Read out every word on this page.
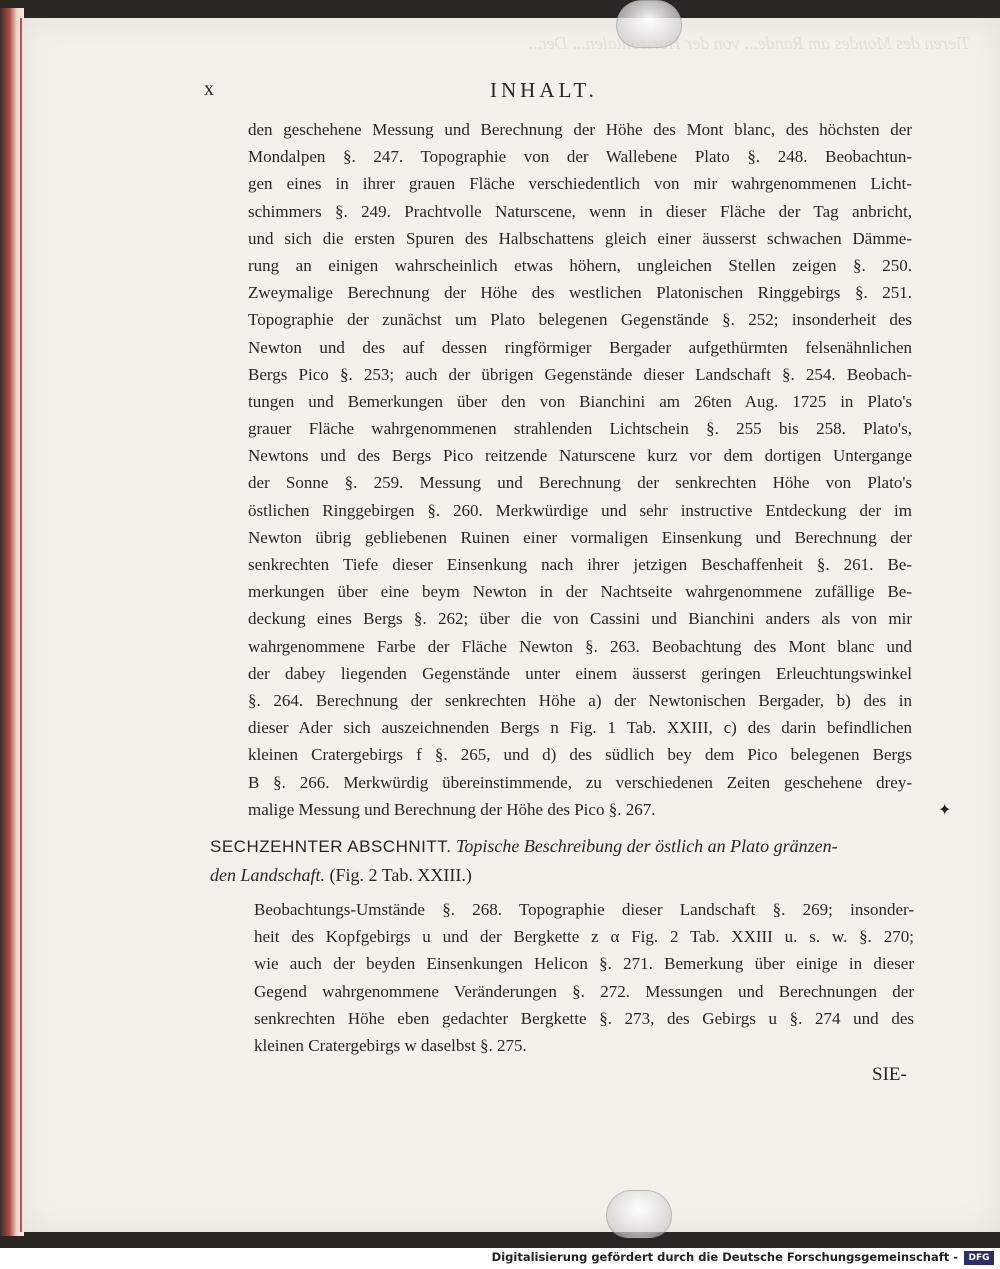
x	INHALT.
den geschehene Messung und Berechnung der Höhe des Mont blanc, des höchsten der
Mondalpen §. 247. Topographie von der Wallebene Plato §. 248. Beobachtun-
gen eines in ihrer grauen Fläche verschiedentlich von mir wahrgenommenen Licht-
schimmers §. 249. Prachtvolle Naturscene, wenn in dieser Fläche der Tag anbricht,
und sich die ersten Spuren des Halbschattens gleich einer äusserst schwachen Dämme-
rung an einigen wahrscheinlich etwas höhern, ungleichen Stellen zeigen §. 250.
Zweymalige Berechnung der Höhe des westlichen Platonischen Ringgebirgs §. 251.
Topographie der zunächst um Plato belegenen Gegenstände §. 252; insonderheit des
Newton und des auf dessen ringförmiger Bergader aufgethürmten felsenähnlichen
Bergs Pico §. 253; auch der übrigen Gegenstände dieser Landschaft §. 254. Beobach-
tungen und Bemerkungen über den von Bianchini am 26ten Aug. 1725 in Plato's
grauer Fläche wahrgenommenen strahlenden Lichtschein §. 255 bis 258. Plato's,
Newtons und des Bergs Pico reitzende Naturscene kurz vor dem dortigen Untergange
der Sonne §. 259. Messung und Berechnung der senkrechten Höhe von Plato's
östlichen Ringgebirgen §. 260. Merkwürdige und sehr instructive Entdeckung der im
Newton übrig gebliebenen Ruinen einer vormaligen Einsenkung und Berechnung der
senkrechten Tiefe dieser Einsenkung nach ihrer jetzigen Beschaffenheit §. 261. Be-
merkungen über eine beym Newton in der Nachtseite wahrgenommene zufällige Be-
deckung eines Bergs §. 262; über die von Cassini und Bianchini anders als von mir
wahrgenommene Farbe der Fläche Newton §. 263. Beobachtung des Mont blanc und
der dabey liegenden Gegenstände unter einem äusserst geringen Erleuchtungswinkel
§. 264. Berechnung der senkrechten Höhe a) der Newtonischen Bergader, b) des in
dieser Ader sich auszeichnenden Bergs n Fig. 1 Tab. XXIII, c) des darin befindlichen
kleinen Cratergebirgs f §. 265, und d) des südlich bey dem Pico belegenen Bergs
B §. 266. Merkwürdig übereinstimmende, zu verschiedenen Zeiten geschehene drey-
malige Messung und Berechnung der Höhe des Pico §. 267.	✦
SECHZEHNTER ABSCHNITT. Topische Beschreibung der östlich an Plato gränzen-
den Landschaft. (Fig. 2 Tab. XXIII.)
Beobachtungs-Umstände §. 268. Topographie dieser Landschaft §. 269; insonder-
heit des Kopfgebirgs u und der Bergkette z α Fig. 2 Tab. XXIII u. s. w. §. 270;
wie auch der beyden Einsenkungen Helicon §. 271. Bemerkung über einige in dieser
Gegend wahrgenommene Veränderungen §. 272. Messungen und Berechnungen der
senkrechten Höhe eben gedachter Bergkette §. 273, des Gebirgs u §. 274 und des
kleinen Cratergebirgs w daselbst §. 275.
SIE-
Digitalisierung gefördert durch die Deutsche Forschungsgemeinschaft -	DFG
